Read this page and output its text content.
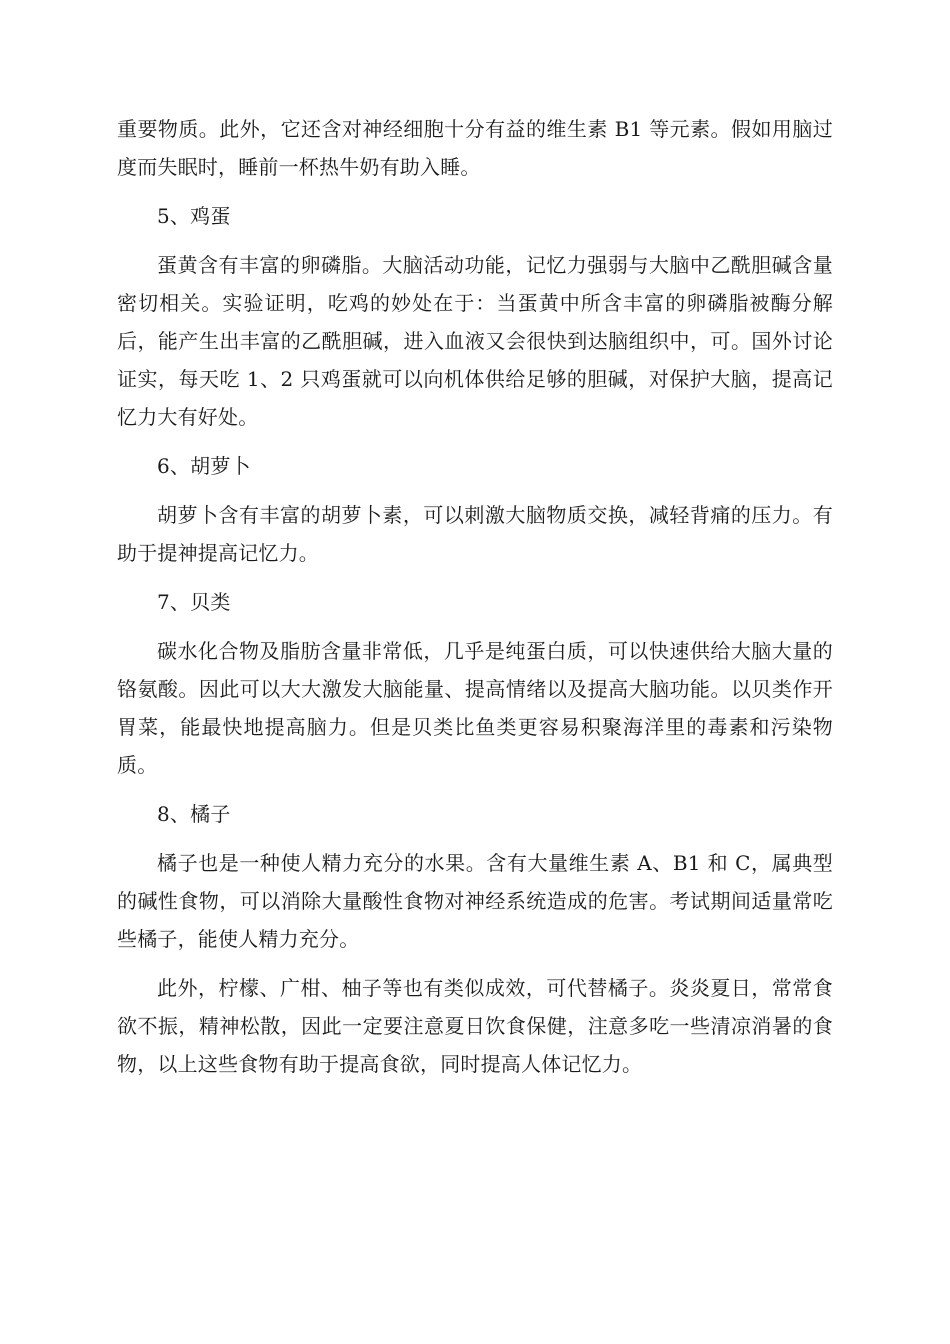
重要物质。此外，它还含对神经细胞十分有益的维生素 B1 等元素。假如用脑过度而失眠时，睡前一杯热牛奶有助入睡。

5、鸡蛋

蛋黄含有丰富的卵磷脂。大脑活动功能，记忆力强弱与大脑中乙酰胆碱含量密切相关。实验证明，吃鸡的妙处在于：当蛋黄中所含丰富的卵磷脂被酶分解后，能产生出丰富的乙酰胆碱，进入血液又会很快到达脑组织中，可。国外讨论证实，每天吃 1、2 只鸡蛋就可以向机体供给足够的胆碱，对保护大脑，提高记忆力大有好处。

6、胡萝卜

胡萝卜含有丰富的胡萝卜素，可以刺激大脑物质交换，减轻背痛的压力。有助于提神提高记忆力。

7、贝类

碳水化合物及脂肪含量非常低，几乎是纯蛋白质，可以快速供给大脑大量的铬氨酸。因此可以大大激发大脑能量、提高情绪以及提高大脑功能。以贝类作开胃菜，能最快地提高脑力。但是贝类比鱼类更容易积聚海洋里的毒素和污染物质。

8、橘子

橘子也是一种使人精力充分的水果。含有大量维生素 A、B1 和 C，属典型的碱性食物，可以消除大量酸性食物对神经系统造成的危害。考试期间适量常吃些橘子，能使人精力充分。

此外，柠檬、广柑、柚子等也有类似成效，可代替橘子。炎炎夏日，常常食欲不振，精神松散，因此一定要注意夏日饮食保健，注意多吃一些清凉消暑的食物，以上这些食物有助于提高食欲，同时提高人体记忆力。
